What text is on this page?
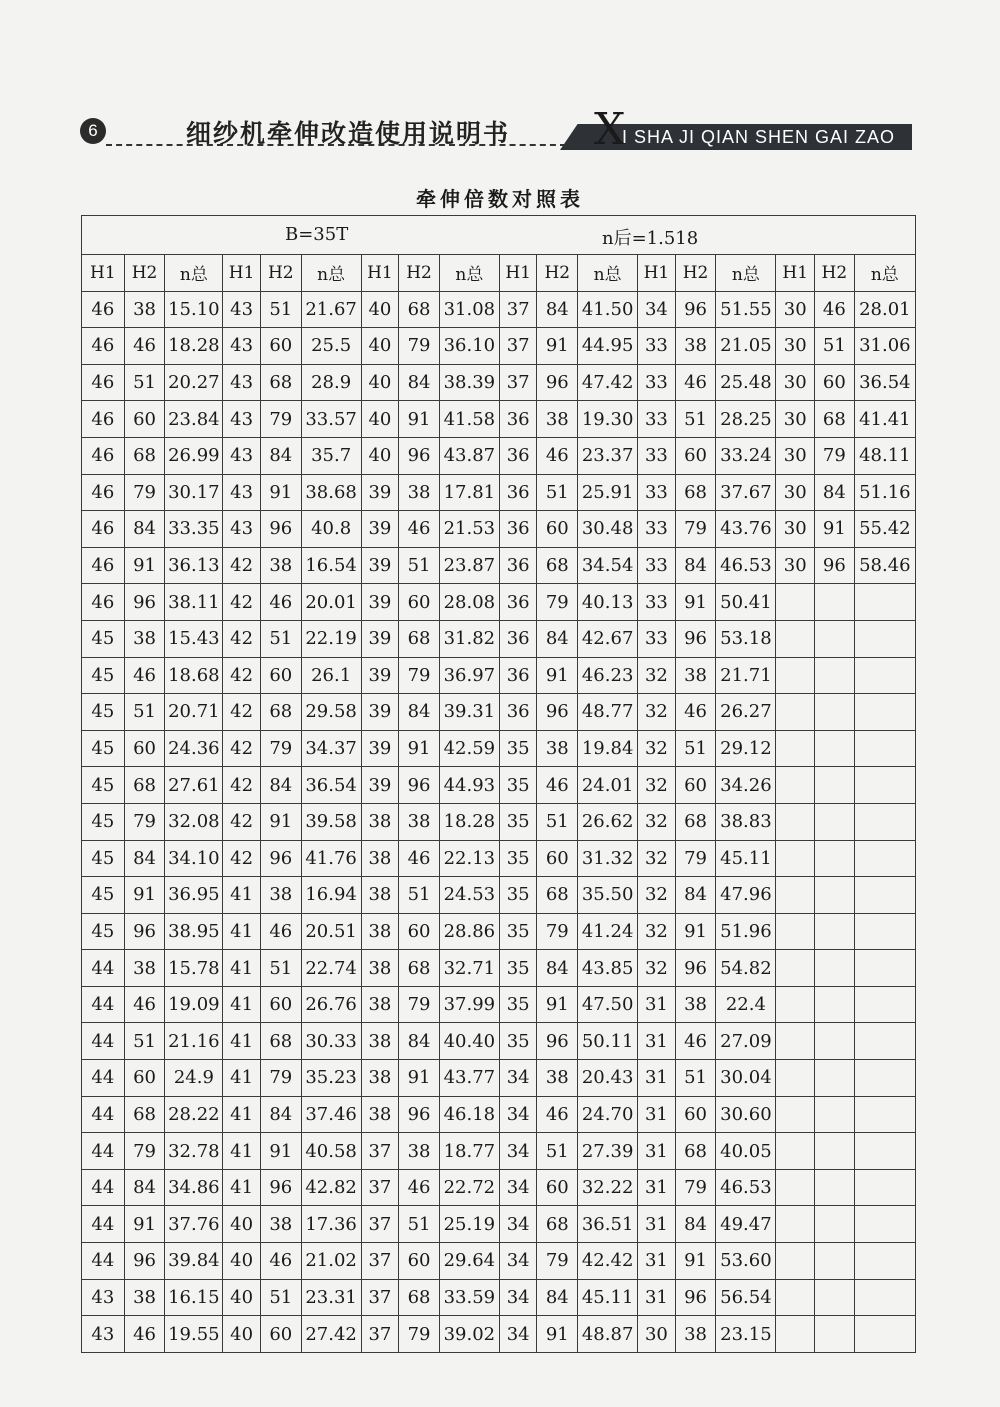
6	细纱机牵伸改造使用说明书 X
I SHA JI QIAN SHEN GAI ZAO
牵伸倍数对照表
B=35T n后=1.518																	

H1	H2	n总	H1	H2	n总	H1	H2	n总	H1	H2	n总	H1	H2	n总	H1	H2	n总
46	38	15.10	43	51	21.67	40	68	31.08	37	84	41.50	34	96	51.55	30	46	28.01
46	46	18.28	43	60	25.5	40	79	36.10	37	91	44.95	33	38	21.05	30	51	31.06
46	51	20.27	43	68	28.9	40	84	38.39	37	96	47.42	33	46	25.48	30	60	36.54
46	60	23.84	43	79	33.57	40	91	41.58	36	38	19.30	33	51	28.25	30	68	41.41
46	68	26.99	43	84	35.7	40	96	43.87	36	46	23.37	33	60	33.24	30	79	48.11
46	79	30.17	43	91	38.68	39	38	17.81	36	51	25.91	33	68	37.67	30	84	51.16
46	84	33.35	43	96	40.8	39	46	21.53	36	60	30.48	33	79	43.76	30	91	55.42
46	91	36.13	42	38	16.54	39	51	23.87	36	68	34.54	33	84	46.53	30	96	58.46
46	96	38.11	42	46	20.01	39	60	28.08	36	79	40.13	33	91	50.41			
45	38	15.43	42	51	22.19	39	68	31.82	36	84	42.67	33	96	53.18			
45	46	18.68	42	60	26.1	39	79	36.97	36	91	46.23	32	38	21.71			
45	51	20.71	42	68	29.58	39	84	39.31	36	96	48.77	32	46	26.27			
45	60	24.36	42	79	34.37	39	91	42.59	35	38	19.84	32	51	29.12			
45	68	27.61	42	84	36.54	39	96	44.93	35	46	24.01	32	60	34.26			
45	79	32.08	42	91	39.58	38	38	18.28	35	51	26.62	32	68	38.83			
45	84	34.10	42	96	41.76	38	46	22.13	35	60	31.32	32	79	45.11			
45	91	36.95	41	38	16.94	38	51	24.53	35	68	35.50	32	84	47.96			
45	96	38.95	41	46	20.51	38	60	28.86	35	79	41.24	32	91	51.96			
44	38	15.78	41	51	22.74	38	68	32.71	35	84	43.85	32	96	54.82			
44	46	19.09	41	60	26.76	38	79	37.99	35	91	47.50	31	38	22.4			
44	51	21.16	41	68	30.33	38	84	40.40	35	96	50.11	31	46	27.09			
44	60	24.9	41	79	35.23	38	91	43.77	34	38	20.43	31	51	30.04			
44	68	28.22	41	84	37.46	38	96	46.18	34	46	24.70	31	60	30.60			
44	79	32.78	41	91	40.58	37	38	18.77	34	51	27.39	31	68	40.05			
44	84	34.86	41	96	42.82	37	46	22.72	34	60	32.22	31	79	46.53			
44	91	37.76	40	38	17.36	37	51	25.19	34	68	36.51	31	84	49.47			
44	96	39.84	40	46	21.02	37	60	29.64	34	79	42.42	31	91	53.60			
43	38	16.15	40	51	23.31	37	68	33.59	34	84	45.11	31	96	56.54			
43	46	19.55	40	60	27.42	37	79	39.02	34	91	48.87	30	38	23.15			
